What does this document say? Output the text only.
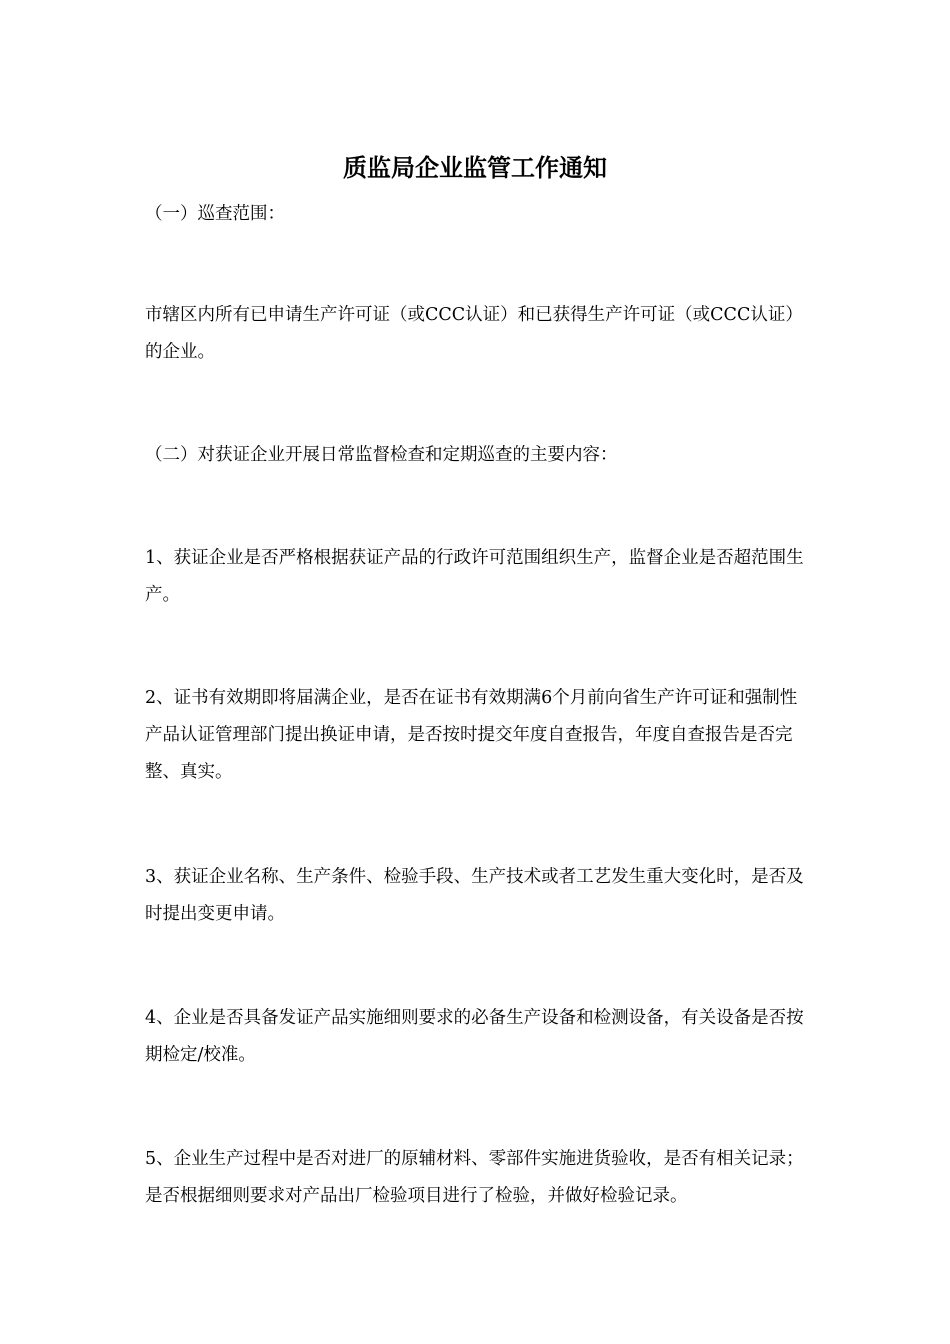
质监局企业监管工作通知

（一）巡查范围：

市辖区内所有已申请生产许可证（或CCC认证）和已获得生产许可证（或CCC认证）的企业。

（二）对获证企业开展日常监督检查和定期巡查的主要内容：

1、获证企业是否严格根据获证产品的行政许可范围组织生产，监督企业是否超范围生产。

2、证书有效期即将届满企业，是否在证书有效期满6个月前向省生产许可证和强制性产品认证管理部门提出换证申请，是否按时提交年度自查报告，年度自查报告是否完整、真实。

3、获证企业名称、生产条件、检验手段、生产技术或者工艺发生重大变化时，是否及时提出变更申请。

4、企业是否具备发证产品实施细则要求的必备生产设备和检测设备，有关设备是否按期检定/校准。

5、企业生产过程中是否对进厂的原辅材料、零部件实施进货验收，是否有相关记录；是否根据细则要求对产品出厂检验项目进行了检验，并做好检验记录。
